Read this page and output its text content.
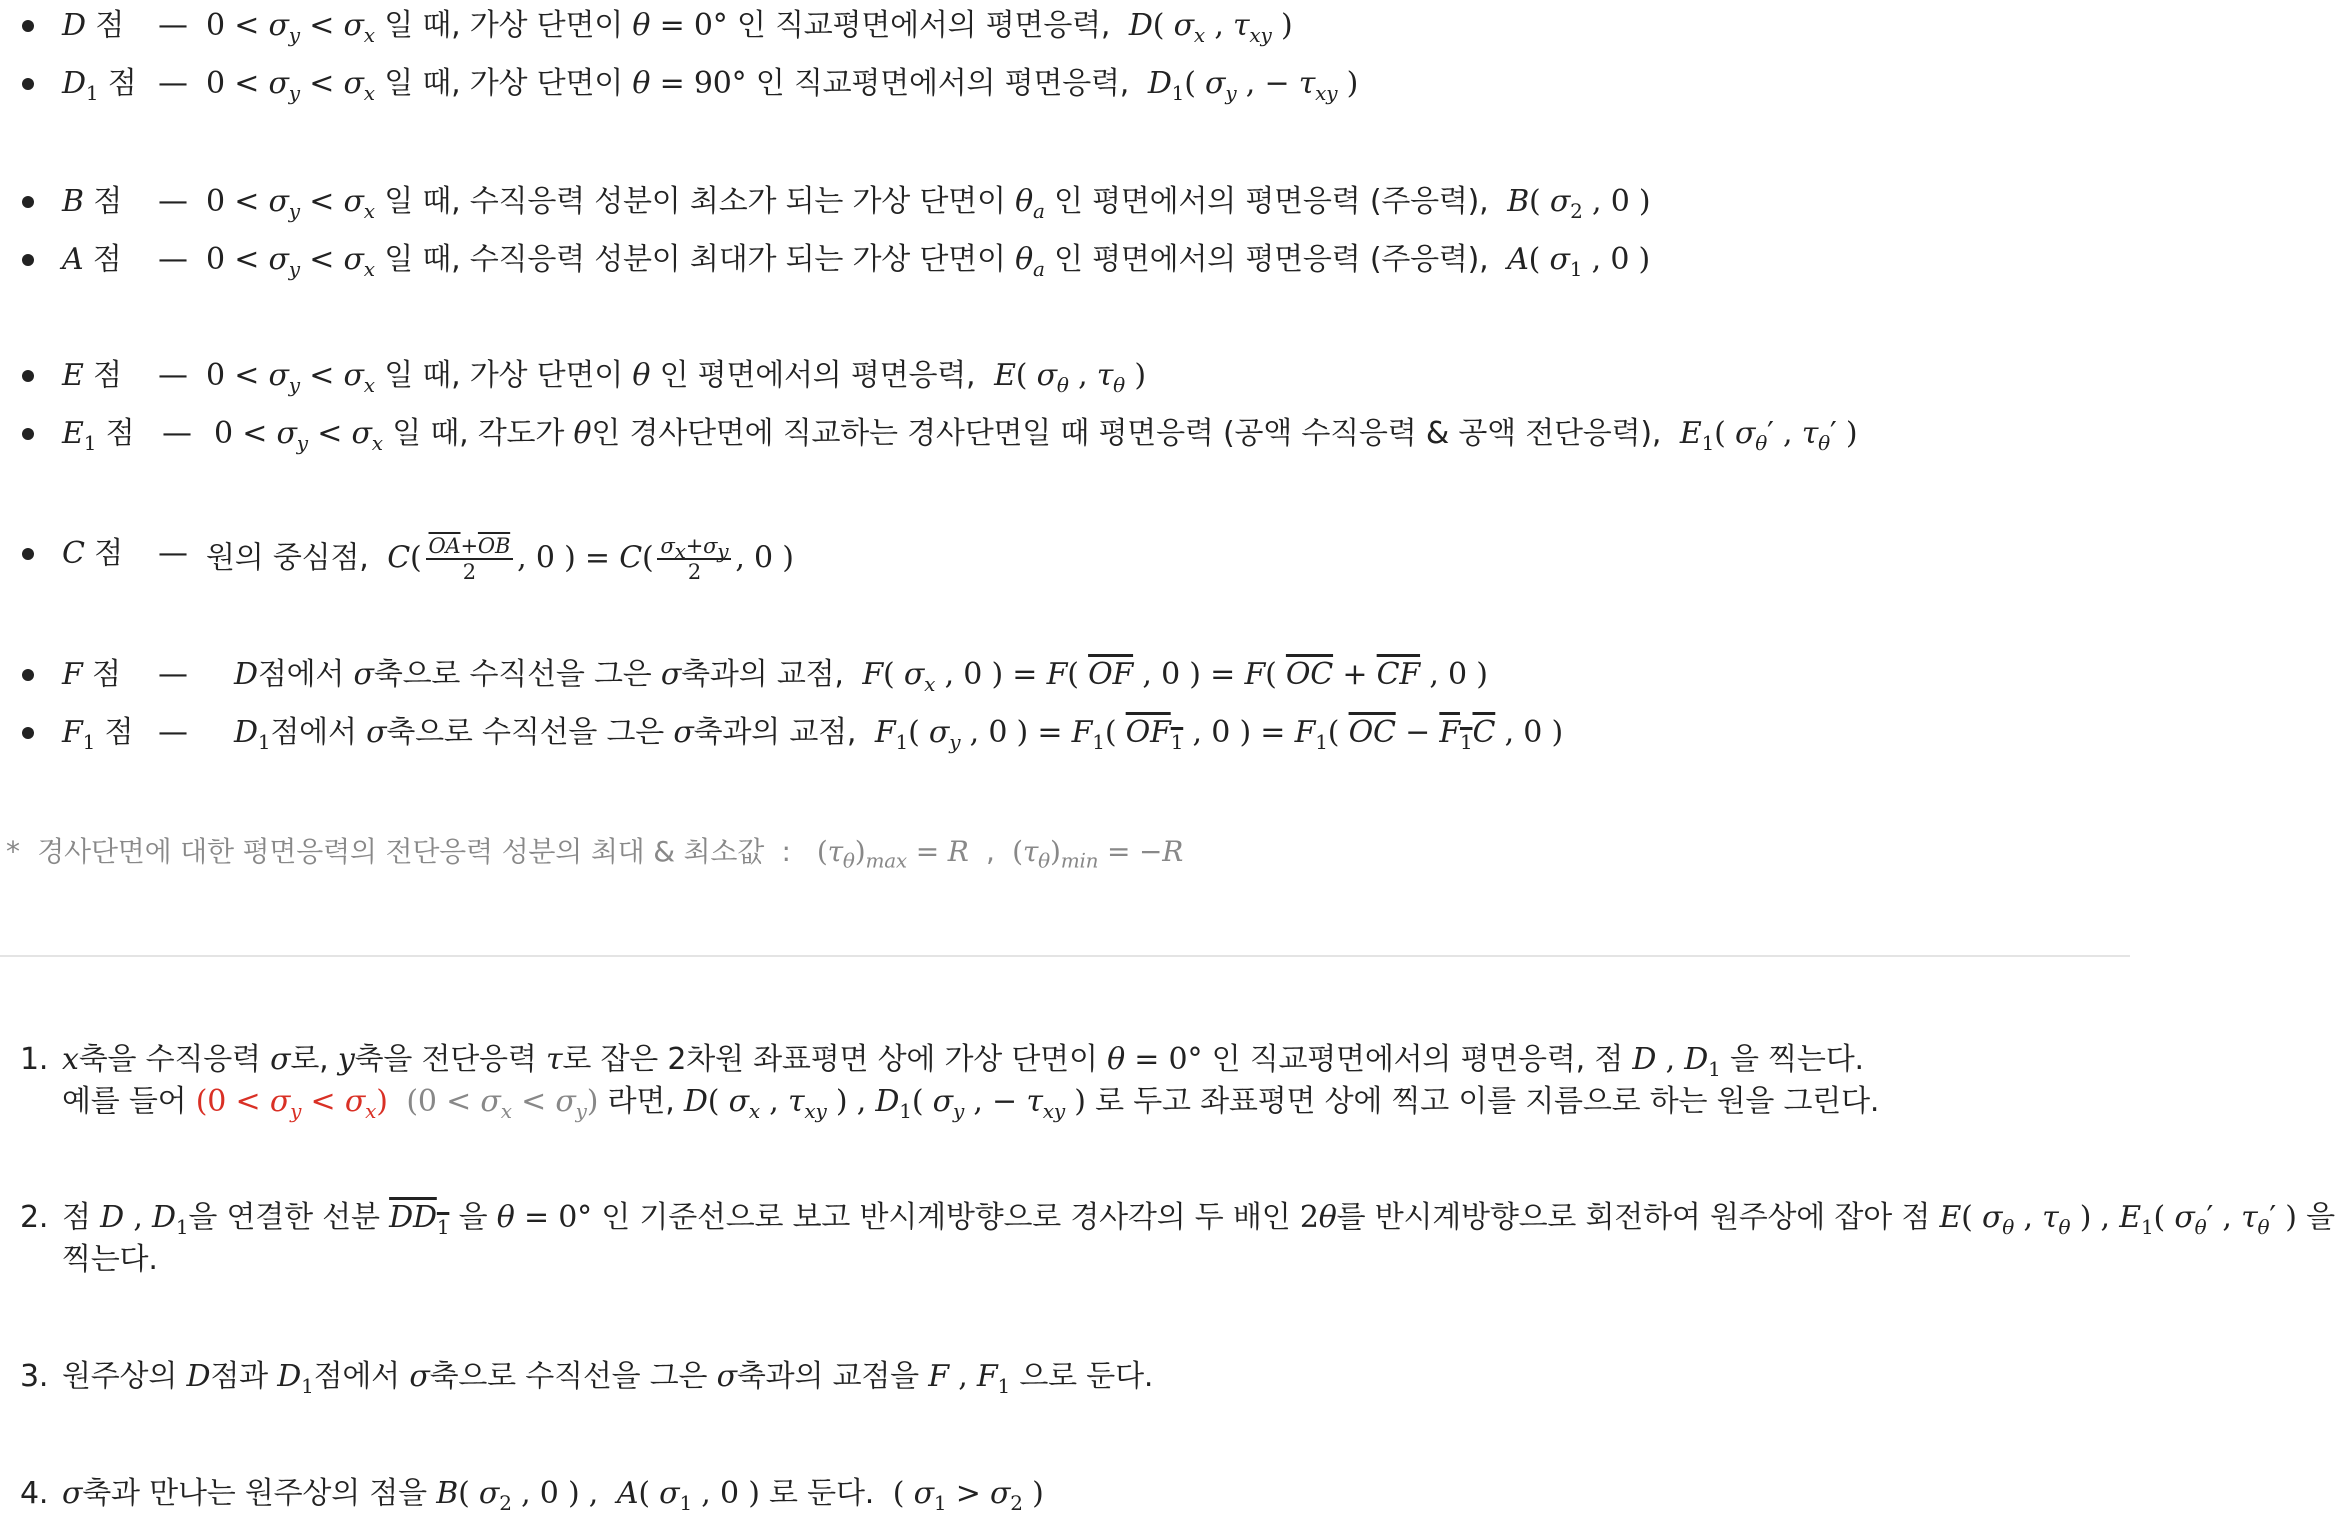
D 점 — $0 < \sigma_y < \sigma_x$ 일 때, 가상 단면이 θ = 0° 인 직교평면에서의 평면응력,  D( $\sigma_x$ , $\tau_{xy}$ )
$D_1$ 점 — $0 < \sigma_y < \sigma_x$ 일 때, 가상 단면이 θ = 90° 인 직교평면에서의 평면응력,  $D_1$( $\sigma_y$ , − $\tau_{xy}$ )
B 점 — $0 < \sigma_y < \sigma_x$ 일 때, 수직응력 성분이 최소가 되는 가상 단면이 $\theta_a$ 인 평면에서의 평면응력 (주응력),  B( $\sigma_2$ , 0 )
A 점 — $0 < \sigma_y < \sigma_x$ 일 때, 수직응력 성분이 최대가 되는 가상 단면이 $\theta_a$ 인 평면에서의 평면응력 (주응력),  A( $\sigma_1$ , 0 )
E 점 — $0 < \sigma_y < \sigma_x$ 일 때, 가상 단면이 θ 인 평면에서의 평면응력,  E( $\sigma_\theta$ , $\tau_\theta$ )
$E_1$ 점 — $0 < \sigma_y < \sigma_x$ 일 때, 각도가 θ인 경사단면에 직교하는 경사단면일 때 평면응력 (공액 수직응력 & 공액 전단응력),  $E_1$( $\sigma_\theta'$ , $\tau_\theta'$ )
C 점 — 원의 중심점,  $C( \frac{\overline{OA}+\overline{OB}}{2}$ , 0 ) = $C( \frac{\sigma_x+\sigma_y}{2}$ , 0 )
F 점 — D점에서 σ축으로 수직선을 그은 σ축과의 교점,  F( $\sigma_x$ , 0 ) = F( $\overline{OF}$ , 0 ) = F( $\overline{OC} + \overline{CF}$ , 0 )
$F_1$ 점 — $D_1$점에서 σ축으로 수직선을 그은 σ축과의 교점,  $F_1$( $\sigma_y$ , 0 ) = $F_1$( $OF_1$ , 0 ) = $F_1$( $\overline{OC} - F_1C$ , 0 )
*  경사단면에 대한 평면응력의 전단응력 성분의 최대 & 최소값  :   $(\tau_\theta)_{max} = R$  ,  $(\tau_\theta)_{min} = -R$
1. x축을 수직응력 σ로, y축을 전단응력 τ로 잡은 2차원 좌표평면 상에 가상 단면이 θ = 0° 인 직교평면에서의 평면응력, 점 D , $D_1$ 을 찍는다.
예를 들어 $(0 < \sigma_y < \sigma_x)$ $(0 < \sigma_x < \sigma_y)$ 라면, D( $\sigma_x$ , $\tau_{xy}$ ) , $D_1$( $\sigma_y$ , − $\tau_{xy}$ ) 로 두고 좌표평면 상에 찍고 이를 지름으로 하는 원을 그린다.
2. 점 D , $D_1$을 연결한 선분 $DD_1$ 을 θ = 0° 인 기준선으로 보고 반시계방향으로 경사각의 두 배인 2θ를 반시계방향으로 회전하여 원주상에 잡아 점 E( $\sigma_\theta$ , $\tau_\theta$ ) , $E_1$( $\sigma_\theta'$ , $\tau_\theta'$ ) 을
찍는다.
3. 원주상의 D점과 $D_1$점에서 σ축으로 수직선을 그은 σ축과의 교점을 F , $F_1$ 으로 둔다.
4. σ축과 만나는 원주상의 점을 B( $\sigma_2$ , 0 ) , A( $\sigma_1$ , 0 ) 로 둔다.  ( $\sigma_1 > \sigma_2$ )
